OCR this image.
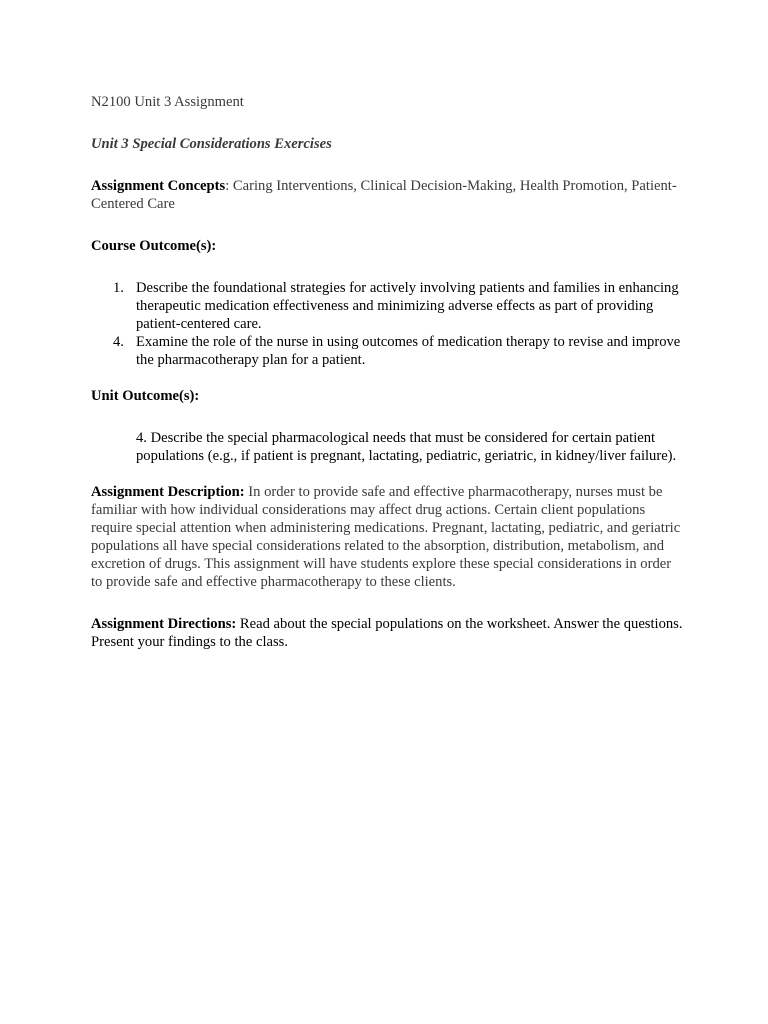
N2100 Unit 3 Assignment

Unit 3 Special Considerations Exercises

Assignment Concepts: Caring Interventions, Clinical Decision-Making, Health Promotion, Patient-Centered Care

Course Outcome(s):

1. Describe the foundational strategies for actively involving patients and families in enhancing therapeutic medication effectiveness and minimizing adverse effects as part of providing patient-centered care.
4. Examine the role of the nurse in using outcomes of medication therapy to revise and improve the pharmacotherapy plan for a patient.

Unit Outcome(s):

4. Describe the special pharmacological needs that must be considered for certain patient populations (e.g., if patient is pregnant, lactating, pediatric, geriatric, in kidney/liver failure).

Assignment Description: In order to provide safe and effective pharmacotherapy, nurses must be familiar with how individual considerations may affect drug actions. Certain client populations require special attention when administering medications. Pregnant, lactating, pediatric, and geriatric populations all have special considerations related to the absorption, distribution, metabolism, and excretion of drugs. This assignment will have students explore these special considerations in order to provide safe and effective pharmacotherapy to these clients.

Assignment Directions: Read about the special populations on the worksheet. Answer the questions. Present your findings to the class.
